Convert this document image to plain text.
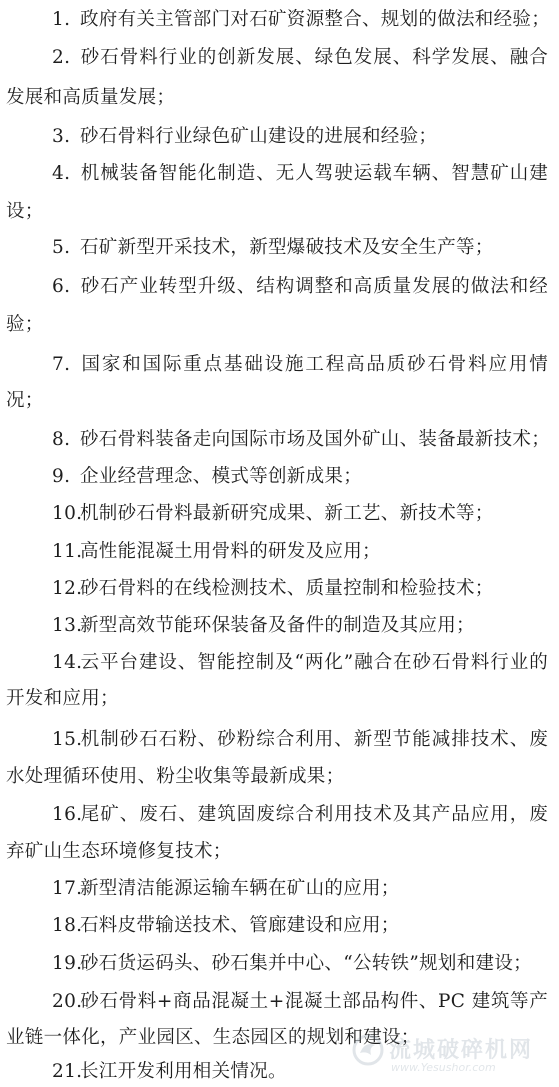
1. 政府有关主管部门对石矿资源整合、规划的做法和经验；
2. 砂石骨料行业的创新发展、绿色发展、科学发展、融合
发展和高质量发展；
3. 砂石骨料行业绿色矿山建设的进展和经验；
4. 机械装备智能化制造、无人驾驶运载车辆、智慧矿山建
设；
5. 石矿新型开采技术，新型爆破技术及安全生产等；
6. 砂石产业转型升级、结构调整和高质量发展的做法和经
验；
7. 国家和国际重点基础设施工程高品质砂石骨料应用情
况；
8. 砂石骨料装备走向国际市场及国外矿山、装备最新技术；
9. 企业经营理念、模式等创新成果；
10.机制砂石骨料最新研究成果、新工艺、新技术等；
11.高性能混凝土用骨料的研发及应用；
12.砂石骨料的在线检测技术、质量控制和检验技术；
13.新型高效节能环保装备及备件的制造及其应用；
14.云平台建设、智能控制及“两化”融合在砂石骨料行业的
开发和应用；
15.机制砂石石粉、砂粉综合利用、新型节能减排技术、废
水处理循环使用、粉尘收集等最新成果；
16.尾矿、废石、建筑固废综合利用技术及其产品应用，废
弃矿山生态环境修复技术；
17.新型清洁能源运输车辆在矿山的应用；
18.石料皮带输送技术、管廊建设和应用；
19.砂石货运码头、砂石集并中心、“公转铁”规划和建设；
20.砂石骨料+商品混凝土+混凝土部品构件、PC 建筑等产
业链一体化，产业园区、生态园区的规划和建设；
21.长江开发利用相关情况。
流城破碎机网
www.Yesushor.com
